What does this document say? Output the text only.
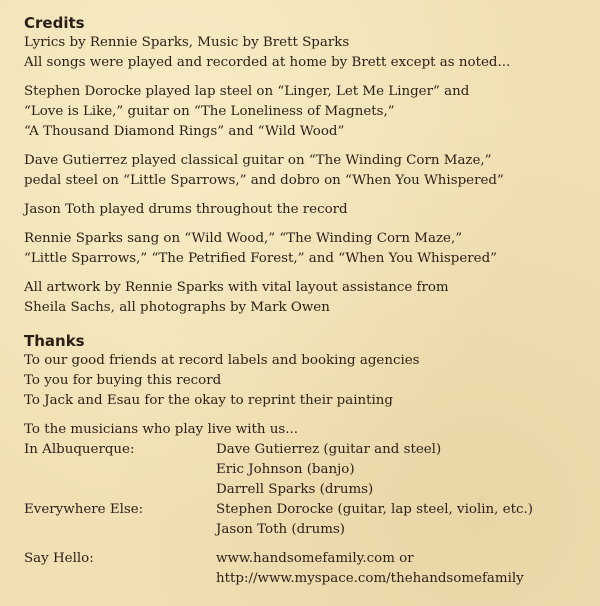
Credits
Lyrics by Rennie Sparks, Music by Brett Sparks
All songs were played and recorded at home by Brett except as noted...
Stephen Dorocke played lap steel on “Linger, Let Me Linger” and
“Love is Like,” guitar on “The Loneliness of Magnets,”
“A Thousand Diamond Rings” and “Wild Wood”
Dave Gutierrez played classical guitar on “The Winding Corn Maze,”
pedal steel on “Little Sparrows,” and dobro on “When You Whispered”
Jason Toth played drums throughout the record
Rennie Sparks sang on “Wild Wood,” “The Winding Corn Maze,”
“Little Sparrows,” “The Petrified Forest,” and “When You Whispered”
All artwork by Rennie Sparks with vital layout assistance from
Sheila Sachs, all photographs by Mark Owen
Thanks
To our good friends at record labels and booking agencies
To you for buying this record
To Jack and Esau for the okay to reprint their painting
To the musicians who play live with us...
In Albuquerque:	Dave Gutierrez (guitar and steel)
Eric Johnson (banjo)
Darrell Sparks (drums)
Everywhere Else:	Stephen Dorocke (guitar, lap steel, violin, etc.)
Jason Toth (drums)
Say Hello:	www.handsomefamily.com or
http://www.myspace.com/thehandsomefamily
